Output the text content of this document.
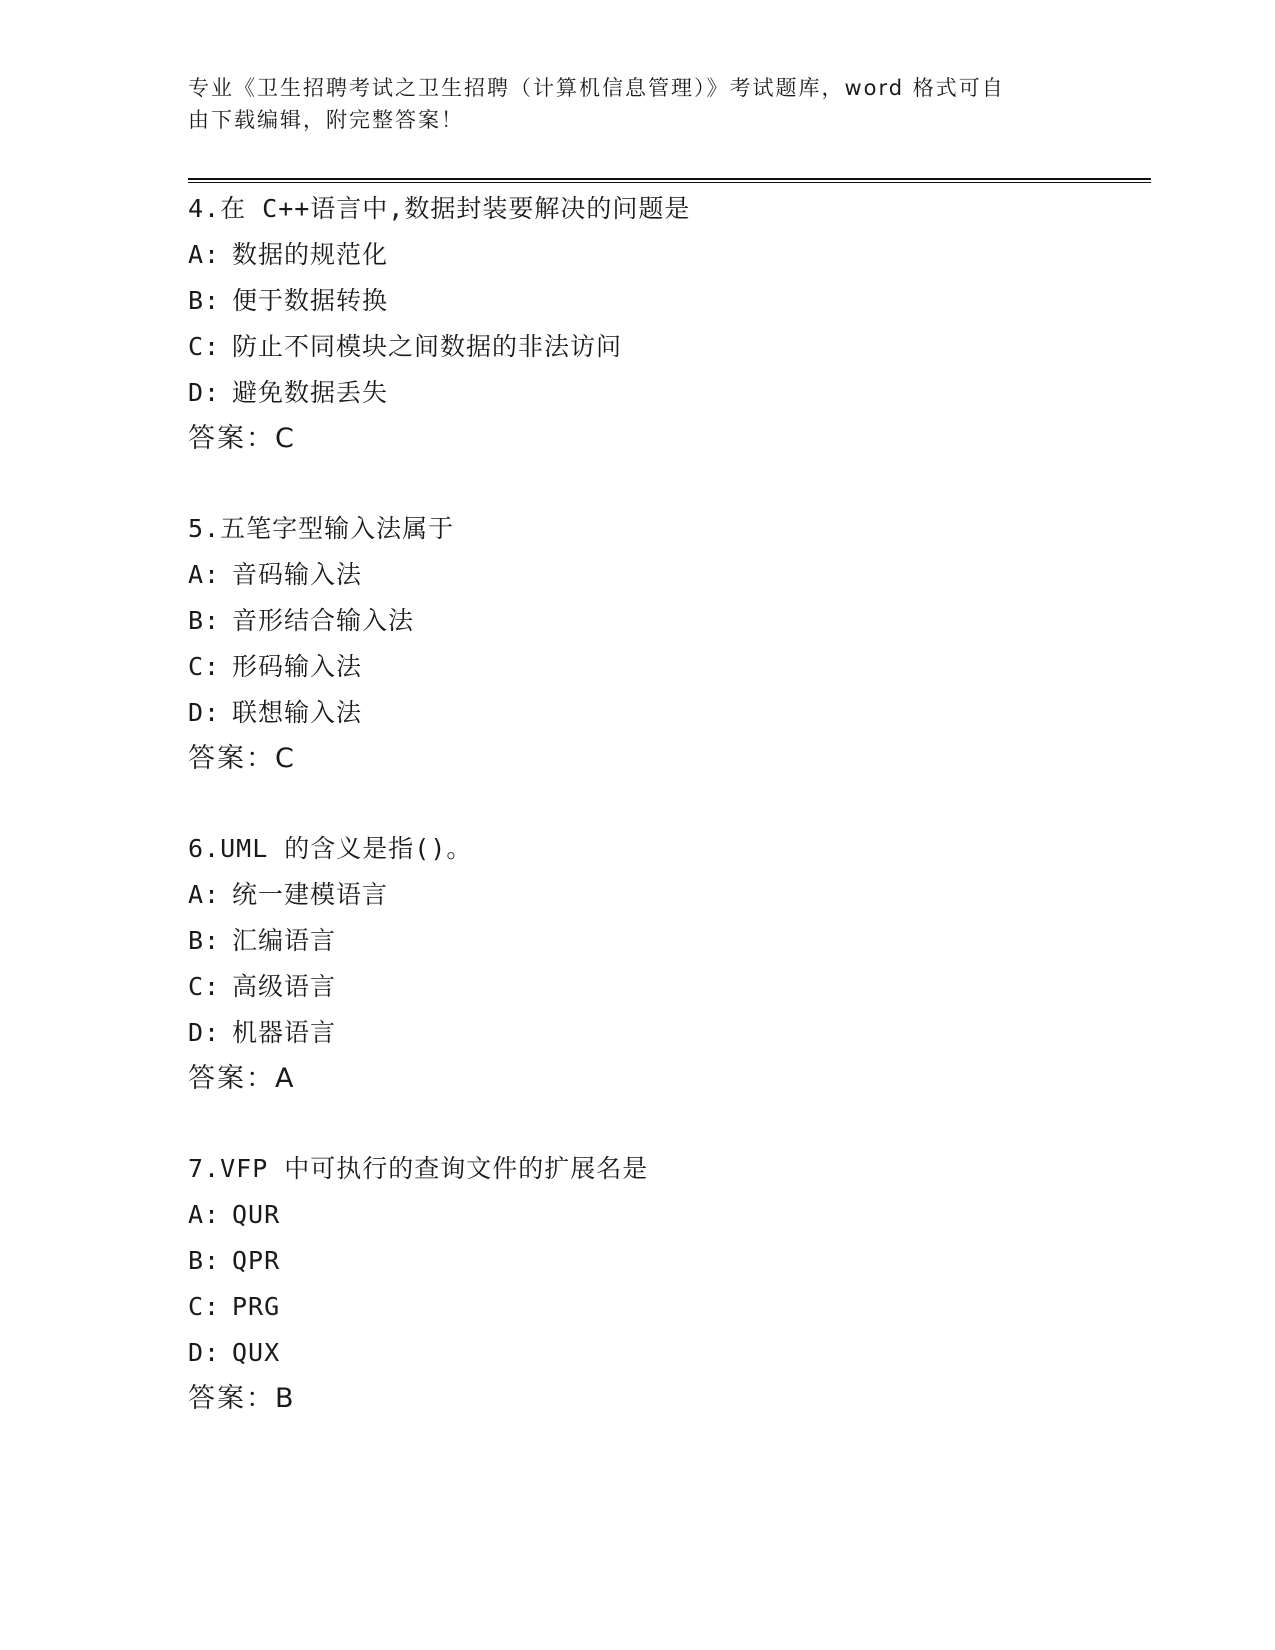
专业《卫生招聘考试之卫生招聘（计算机信息管理）》考试题库，word 格式可自
由下载编辑，附完整答案！
4.在 C++语言中,数据封装要解决的问题是
A: 数据的规范化
B: 便于数据转换
C: 防止不同模块之间数据的非法访问
D: 避免数据丢失
答案：C
5.五笔字型输入法属于
A: 音码输入法
B: 音形结合输入法
C: 形码输入法
D: 联想输入法
答案：C
6.UML 的含义是指()。
A: 统一建模语言
B: 汇编语言
C: 高级语言
D: 机器语言
答案：A
7.VFP 中可执行的查询文件的扩展名是
A: QUR
B: QPR
C: PRG
D: QUX
答案：B
